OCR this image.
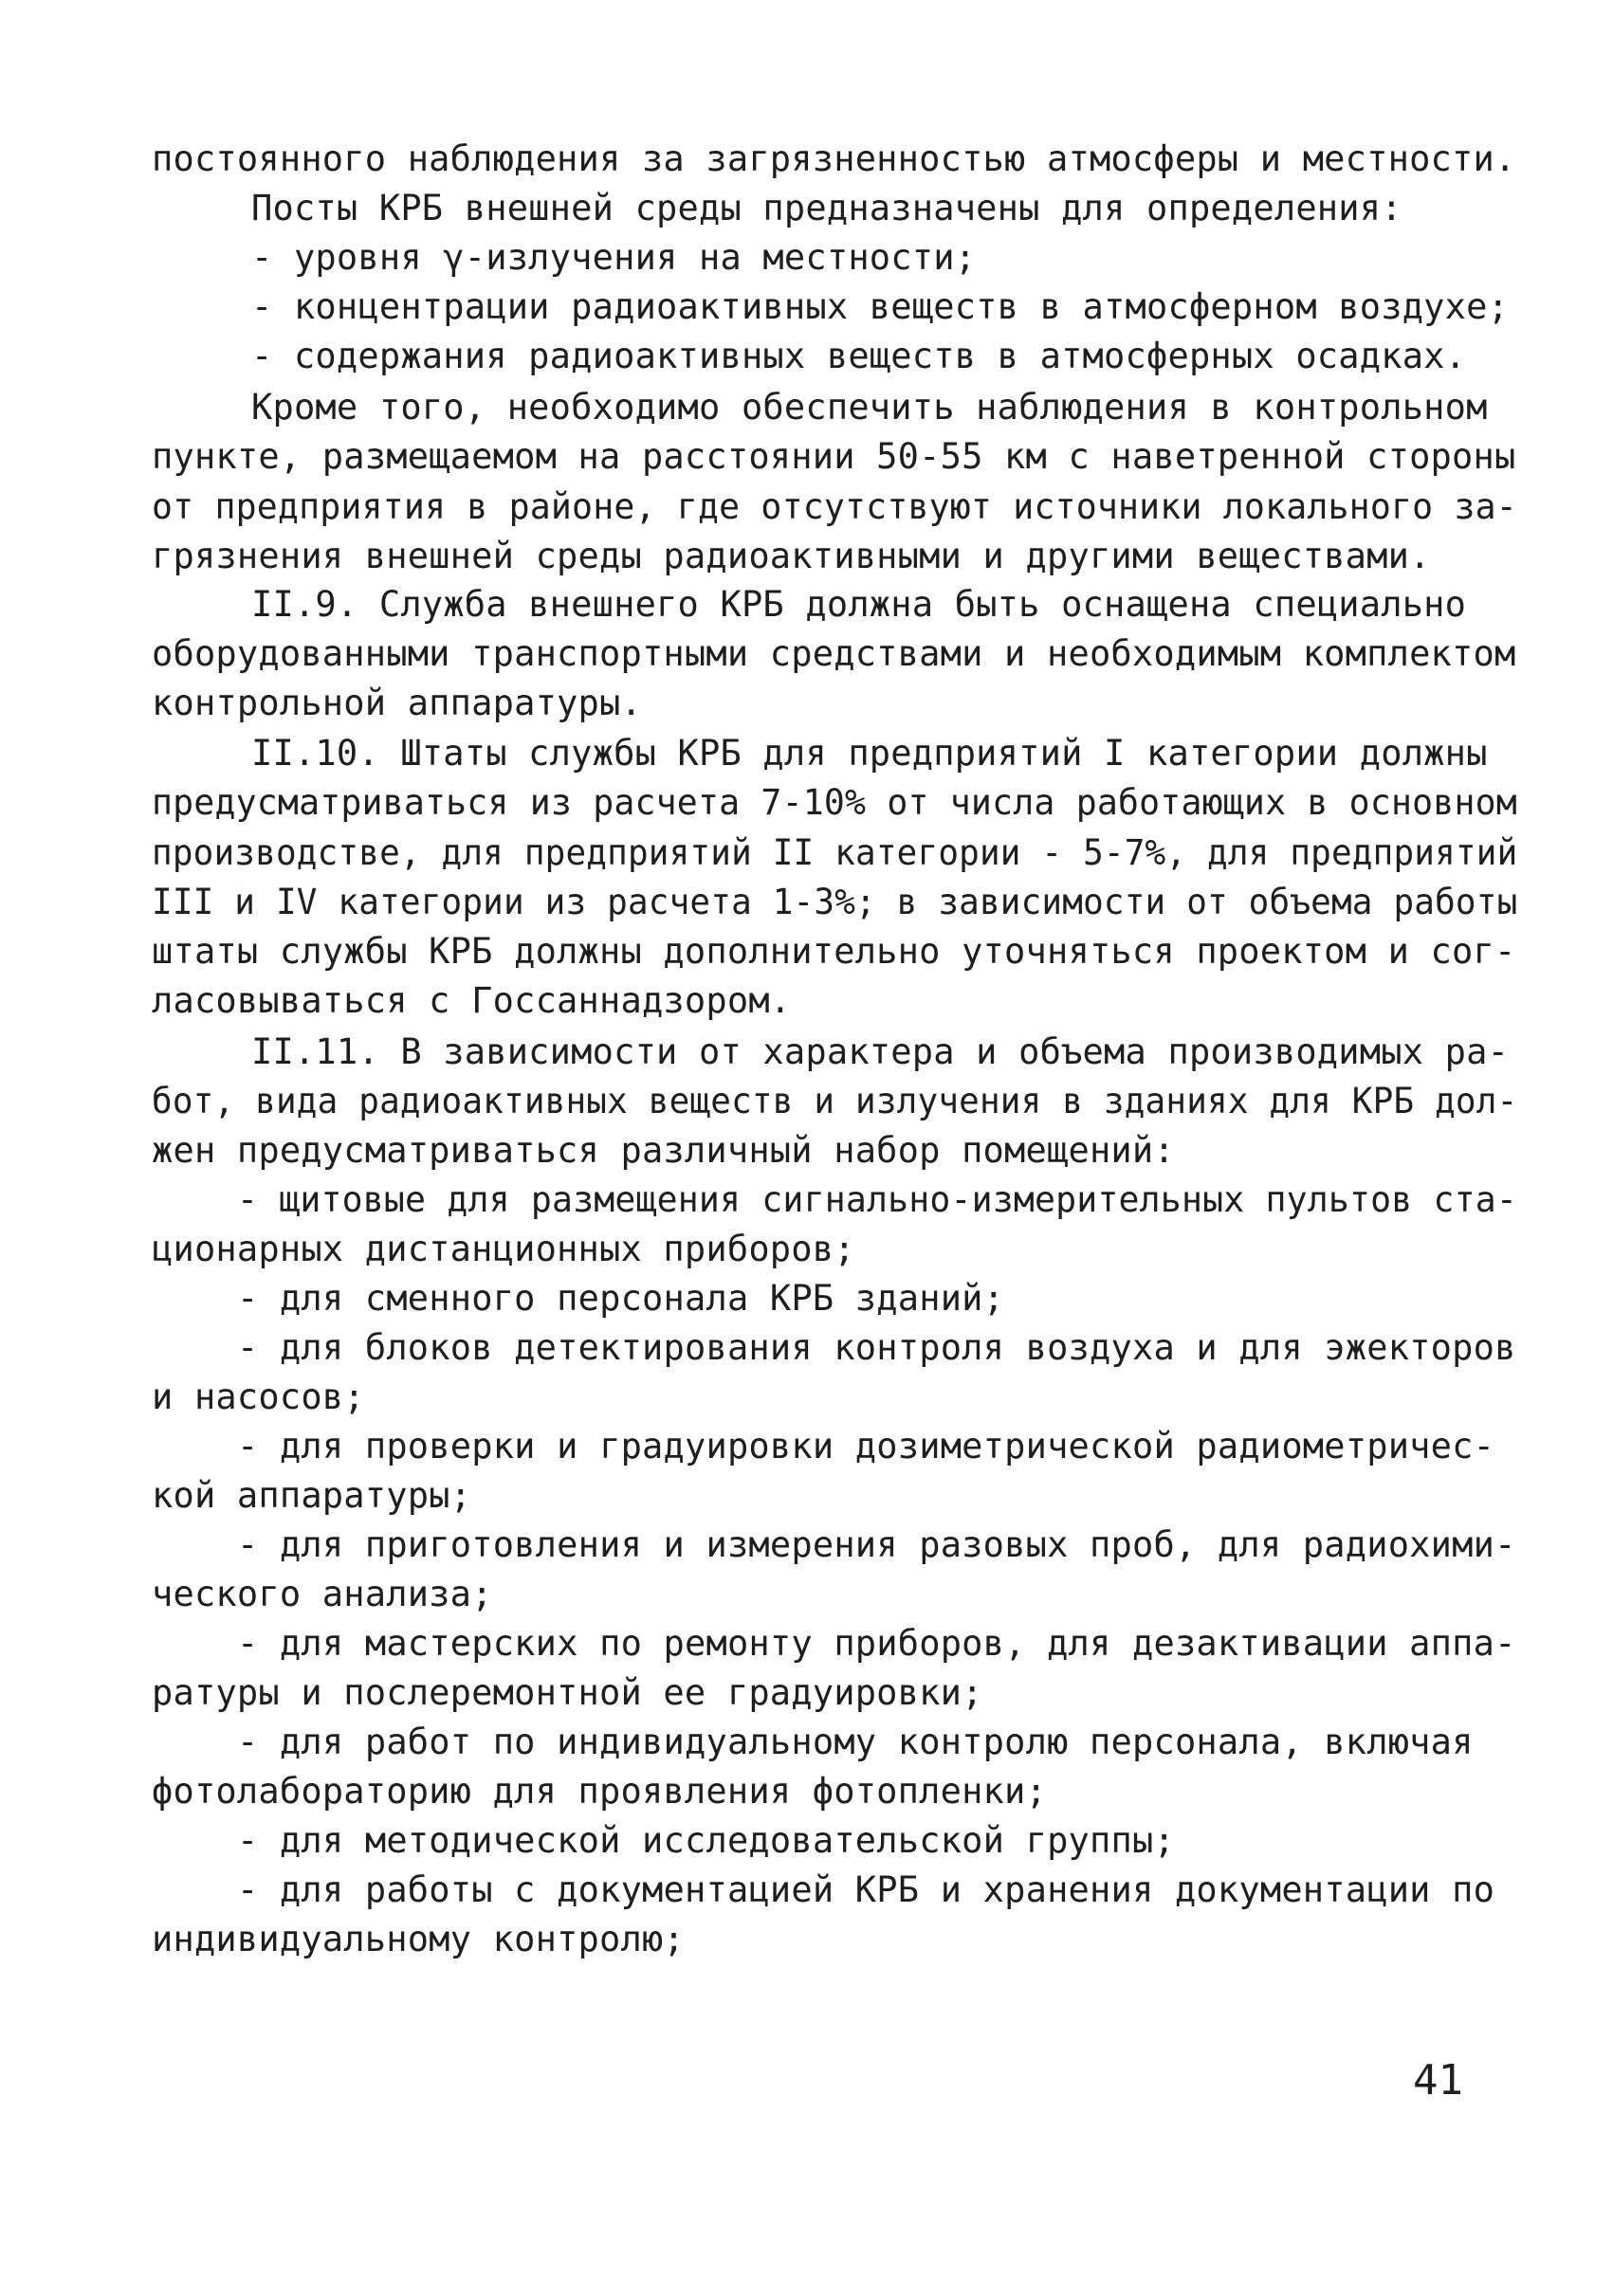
постоянного наблюдения за загрязненностью атмосферы и местности.
Посты КРБ внешней среды предназначены для определения:
- уровня γ-излучения на местности;
- концентрации радиоактивных веществ в атмосферном воздухе;
- содержания радиоактивных веществ в атмосферных осадках.
Кроме того, необходимо обеспечить наблюдения в контрольном
пункте, размещаемом на расстоянии 50-55 км с наветренной стороны
от предприятия в районе, где отсутствуют источники локального за-
грязнения внешней среды радиоактивными и другими веществами.
II.9. Служба внешнего КРБ должна быть оснащена специально
оборудованными транспортными средствами и необходимым комплектом
контрольной аппаратуры.
II.10. Штаты службы КРБ для предприятий I категории должны
предусматриваться из расчета 7-10% от числа работающих в основном
производстве, для предприятий II категории - 5-7%, для предприятий
III и IV категории из расчета 1-3%; в зависимости от объема работы
штаты службы КРБ должны дополнительно уточняться проектом и сог-
ласовываться с Госсаннадзором.
II.11. В зависимости от характера и объема производимых ра-
бот, вида радиоактивных веществ и излучения в зданиях для КРБ дол-
жен предусматриваться различный набор помещений:
- щитовые для размещения сигнально-измерительных пультов ста-
ционарных дистанционных приборов;
- для сменного персонала КРБ зданий;
- для блоков детектирования контроля воздуха и для эжекторов
и насосов;
- для проверки и градуировки дозиметрической радиометричес-
кой аппаратуры;
- для приготовления и измерения разовых проб, для радиохими-
ческого анализа;
- для мастерских по ремонту приборов, для дезактивации аппа-
ратуры и послеремонтной ее градуировки;
- для работ по индивидуальному контролю персонала, включая
фотолабораторию для проявления фотопленки;
- для методической исследовательской группы;
- для работы с документацией КРБ и хранения документации по
индивидуальному контролю;
41
